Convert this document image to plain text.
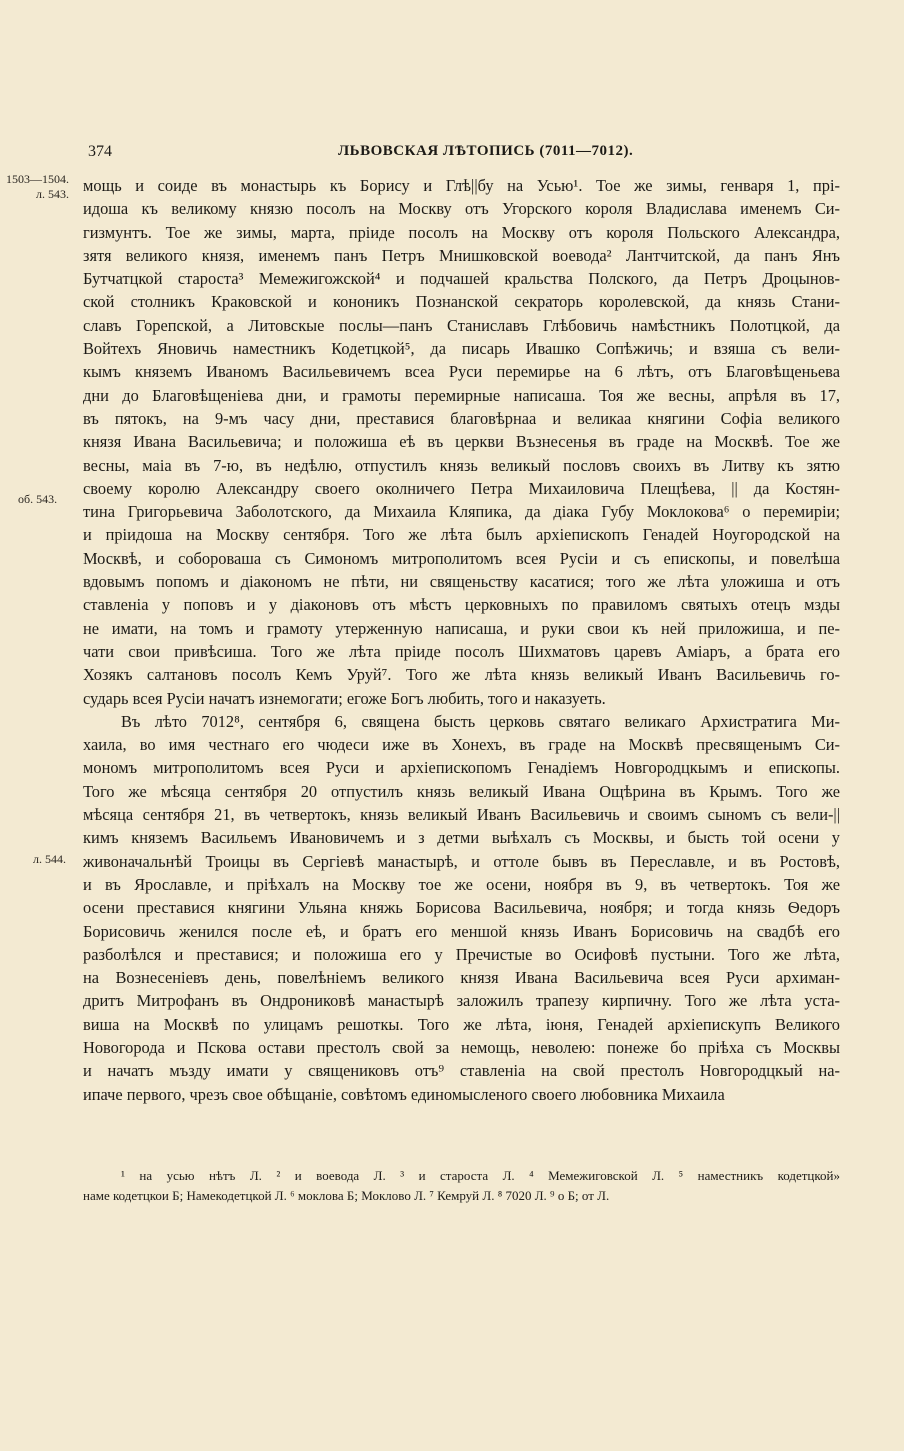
374	ЛЬВОВСКАЯ ЛѢТОПИСЬ (7011—7012).
1503—1504.
л. 543.
об. 543.
л. 544.
мощь и соиде въ монастырь къ Борису и Глѣ||бу на Усью¹. Тое же зимы, генваря 1, прі-
идоша къ великому князю посолъ на Москву отъ Угорского короля Владислава именемъ Си-
гизмунтъ. Тое же зимы, марта, пріиде посолъ на Москву отъ короля Польского Александра,
зятя великого князя, именемъ панъ Петръ Мнишковской воевода² Лантчитской, да панъ Янъ
Бутчатцкой староста³ Мемежигожской⁴ и подчашей кральства Полского, да Петръ Дроцынов-
ской столникъ Краковской и кононикъ Познанской секраторь королевской, да князь Стани-
славъ Горепской, а Литовскые послы—панъ Станиславъ Глѣбовичь намѣстникъ Полотцкой, да
Войтехъ Яновичь наместникъ Кодетцкой⁵, да писарь Ивашко Сопѣжичь; и взяша съ вели-
кымъ княземъ Иваномъ Васильевичемъ всеа Руси перемирье на 6 лѣтъ, отъ Благовѣщеньева
дни до Благовѣщеніева дни, и грамоты перемирные написаша. Тоя же весны, апрѣля въ 17,
въ пятокъ, на 9-мъ часу дни, преставися благовѣрнаа и великаа княгини Софіа великого
князя Ивана Васильевича; и положиша еѣ въ церкви Възнесенья въ граде на Москвѣ. Тое же
весны, маіа въ 7-ю, въ недѣлю, отпустилъ князь великый пословъ своихъ въ Литву къ зятю
своему королю Александру своего околничего Петра Михаиловича Плещѣева, || да Костян-
тина Григорьевича Заболотского, да Михаила Кляпика, да діака Губу Моклокова⁶ о перемиріи;
и пріидоша на Москву сентября. Того же лѣта былъ архіепископъ Генадей Ноугородской на
Москвѣ, и собороваша съ Симономъ митрополитомъ всея Русіи и съ епископы, и повелѣша
вдовымъ попомъ и діакономъ не пѣти, ни священьству касатися; того же лѣта уложиша и отъ
ставленіа у поповъ и у діаконовъ отъ мѣстъ церковныхъ по правиломъ святыхъ отецъ мзды
не имати, на томъ и грамоту утерженную написаша, и руки свои къ ней приложиша, и пе-
чати свои привѣсиша. Того же лѣта пріиде посолъ Шихматовъ царевъ Аміаръ, а брата его
Хозякъ салтановъ посолъ Кемъ Уруй⁷. Того же лѣта князь великый Иванъ Васильевичь го-
сударь всея Русіи начатъ изнемогати; егоже Богъ любить, того и наказуеть.
Въ лѣто 7012⁸, сентября 6, священа бысть церковь святаго великаго Архистратига Ми-
хаила, во имя честнаго его чюдеси иже въ Хонехъ, въ граде на Москвѣ пресвященымъ Си-
мономъ митрополитомъ всея Руси и архіепископомъ Генадіемъ Новгородцкымъ и епископы.
Того же мѣсяца сентября 20 отпустилъ князь великый Ивана Ощѣрина въ Крымъ. Того же
мѣсяца сентября 21, въ четвертокъ, князь великый Иванъ Васильевичь и своимъ сыномъ съ вели-||
кимъ княземъ Васильемъ Ивановичемъ и з детми выѣхалъ съ Москвы, и бысть той осени у
живоначальнѣй Троицы въ Сергіевѣ манастырѣ, и оттоле бывъ въ Переславле, и въ Ростовѣ,
и въ Ярославле, и пріѣхалъ на Москву тое же осени, ноября въ 9, въ четвертокъ. Тоя же
осени преставися княгини Ульяна княжь Борисова Васильевича, ноября; и тогда князь Ѳедоръ
Борисовичь женился после еѣ, и братъ его меншой князь Иванъ Борисовичь на свадбѣ его
разболѣлся и преставися; и положиша его у Пречистые во Осифовѣ пустыни. Того же лѣта,
на Вознесеніевъ день, повелѣніемъ великого князя Ивана Васильевича всея Руси архиман-
дритъ Митрофанъ въ Ондрониковѣ манастырѣ заложилъ трапезу кирпичну. Того же лѣта уста-
виша на Москвѣ по улицамъ решоткы. Того же лѣта, іюня, Генадей архіепискупъ Великого
Новогорода и Пскова остави престолъ свой за немощь, неволею: понеже бо пріѣха съ Москвы
и начатъ мъзду имати у священиковъ отъ⁹ ставленіа на свой престолъ Новгородцкый на-
ипаче первого, чрезъ свое обѣщаніе, совѣтомъ единомысленого своего любовника Михаила
¹ на усью нѣтъ Л. ² и воевода Л. ³ и староста Л. ⁴ Мемежиговской Л. ⁵ наместникъ кодетцкой»
наме кодетцкои Б; Намекодетцкой Л. ⁶ моклова Б; Моклово Л. ⁷ Кемруй Л. ⁸ 7020 Л. ⁹ о Б; от Л.
